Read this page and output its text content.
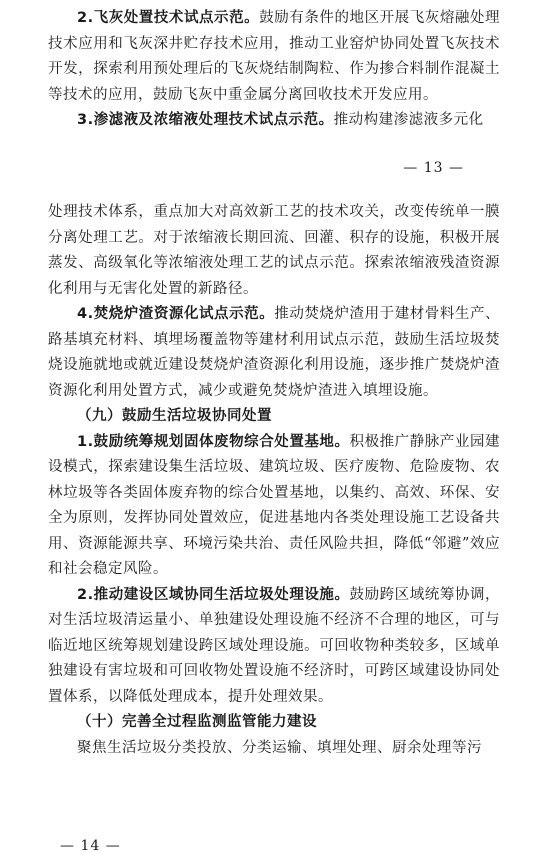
2.飞灰处置技术试点示范。鼓励有条件的地区开展飞灰熔融处理技术应用和飞灰深井贮存技术应用，推动工业窑炉协同处置飞灰技术开发，探索利用预处理后的飞灰烧结制陶粒、作为掺合料制作混凝土等技术的应用，鼓励飞灰中重金属分离回收技术开发应用。

3.渗滤液及浓缩液处理技术试点示范。推动构建渗滤液多元化

— 13 —

处理技术体系，重点加大对高效新工艺的技术攻关，改变传统单一膜分离处理工艺。对于浓缩液长期回流、回灌、积存的设施，积极开展蒸发、高级氧化等浓缩液处理工艺的试点示范。探索浓缩液残渣资源化利用与无害化处置的新路径。

4.焚烧炉渣资源化试点示范。推动焚烧炉渣用于建材骨料生产、路基填充材料、填埋场覆盖物等建材利用试点示范，鼓励生活垃圾焚烧设施就地或就近建设焚烧炉渣资源化利用设施，逐步推广焚烧炉渣资源化利用处置方式，减少或避免焚烧炉渣进入填埋设施。

（九）鼓励生活垃圾协同处置

1.鼓励统筹规划固体废物综合处置基地。积极推广静脉产业园建设模式，探索建设集生活垃圾、建筑垃圾、医疗废物、危险废物、农林垃圾等各类固体废弃物的综合处置基地，以集约、高效、环保、安全为原则，发挥协同处置效应，促进基地内各类处理设施工艺设备共用、资源能源共享、环境污染共治、责任风险共担，降低“邻避”效应和社会稳定风险。

2.推动建设区域协同生活垃圾处理设施。鼓励跨区域统筹协调，对生活垃圾清运量小、单独建设处理设施不经济不合理的地区，可与临近地区统筹规划建设跨区域处理设施。可回收物种类较多，区域单独建设有害垃圾和可回收物处置设施不经济时，可跨区域建设协同处置体系，以降低处理成本，提升处理效果。

（十）完善全过程监测监管能力建设

聚焦生活垃圾分类投放、分类运输、填埋处理、厨余处理等污

— 14 —
